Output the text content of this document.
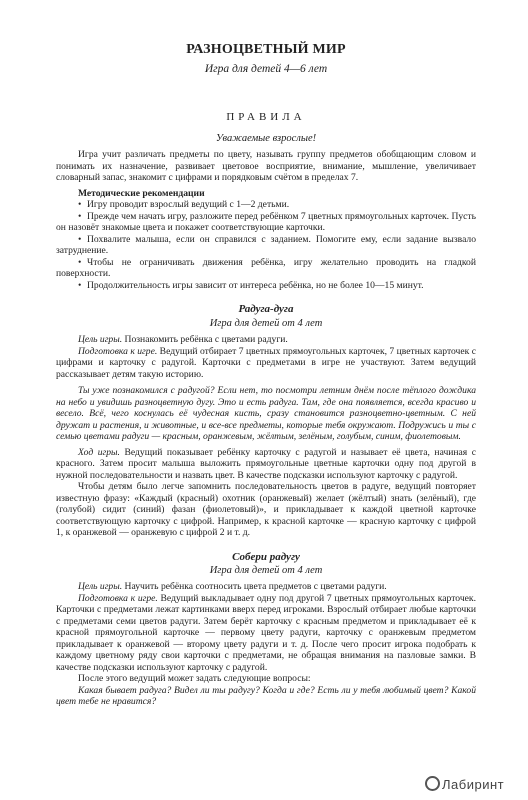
РАЗНОЦВЕТНЫЙ МИР
Игра для детей 4—6 лет
ПРАВИЛА
Уважаемые взрослые!

Игра учит различать предметы по цвету, называть группу предметов обобщающим словом и понимать их назначение, развивает цветовое восприятие, внимание, мышление, увеличивает словарный запас, знакомит с цифрами и порядковым счётом в пределах 7.

Методические рекомендации
• Игру проводит взрослый ведущий с 1—2 детьми.
• Прежде чем начать игру, разложите перед ребёнком 7 цветных прямоугольных карточек. Пусть он назовёт знакомые цвета и покажет соответствующие карточки.
• Похвалите малыша, если он справился с заданием. Помогите ему, если задание вызвало затруднение.
• Чтобы не ограничивать движения ребёнка, игру желательно проводить на гладкой поверхности.
• Продолжительность игры зависит от интереса ребёнка, но не более 10—15 минут.
Радуга-дуга
Игра для детей от 4 лет

Цель игры. Познакомить ребёнка с цветами радуги.

Подготовка к игре. Ведущий отбирает 7 цветных прямоугольных карточек, 7 цветных карточек с цифрами и карточку с радугой. Карточки с предметами в игре не участвуют. Затем ведущий рассказывает детям такую историю.

Ты уже познакомился с радугой? Если нет, то посмотри летним днём после тёплого дождика на небо и увидишь разноцветную дугу. Это и есть радуга. Там, где она появляется, всегда красиво и весело. Всё, чего коснулась её чудесная кисть, сразу становится разноцветно-цветным. С ней дружат и растения, и животные, и все-все предметы, которые тебя окружают. Подружись и ты с семью цветами радуги — красным, оранжевым, жёлтым, зелёным, голубым, синим, фиолетовым.

Ход игры. Ведущий показывает ребёнку карточку с радугой и называет её цвета, начиная с красного. Затем просит малыша выложить прямоугольные цветные карточки одну под другой в нужной последовательности и назвать цвет. В качестве подсказки используют карточку с радугой.

Чтобы детям было легче запомнить последовательность цветов в радуге, ведущий повторяет известную фразу: «Каждый (красный) охотник (оранжевый) желает (жёлтый) знать (зелёный), где (голубой) сидит (синий) фазан (фиолетовый)», и прикладывает к каждой цветной карточке соответствующую карточку с цифрой. Например, к красной карточке — красную карточку с цифрой 1, к оранжевой — оранжевую с цифрой 2 и т. д.

Собери радугу
Игра для детей от 4 лет

Цель игры. Научить ребёнка соотносить цвета предметов с цветами радуги.

Подготовка к игре. Ведущий выкладывает одну под другой 7 цветных прямоугольных карточек. Карточки с предметами лежат картинками вверх перед игроками. Взрослый отбирает любые карточки с предметами семи цветов радуги. Затем берёт карточку с красным предметом и прикладывает её к красной прямоугольной карточке — первому цвету радуги, карточку с оранжевым предметом прикладывает к оранжевой — второму цвету радуги и т. д. После чего просит игрока подобрать к каждому цветному ряду свои карточки с предметами, не обращая внимания на пазловые замки. В качестве подсказки используют карточку с радугой.

После этого ведущий может задать следующие вопросы:

Какая бывает радуга? Видел ли ты радугу? Когда и где? Есть ли у тебя любимый цвет? Какой цвет тебе не нравится?

Лабиринт
